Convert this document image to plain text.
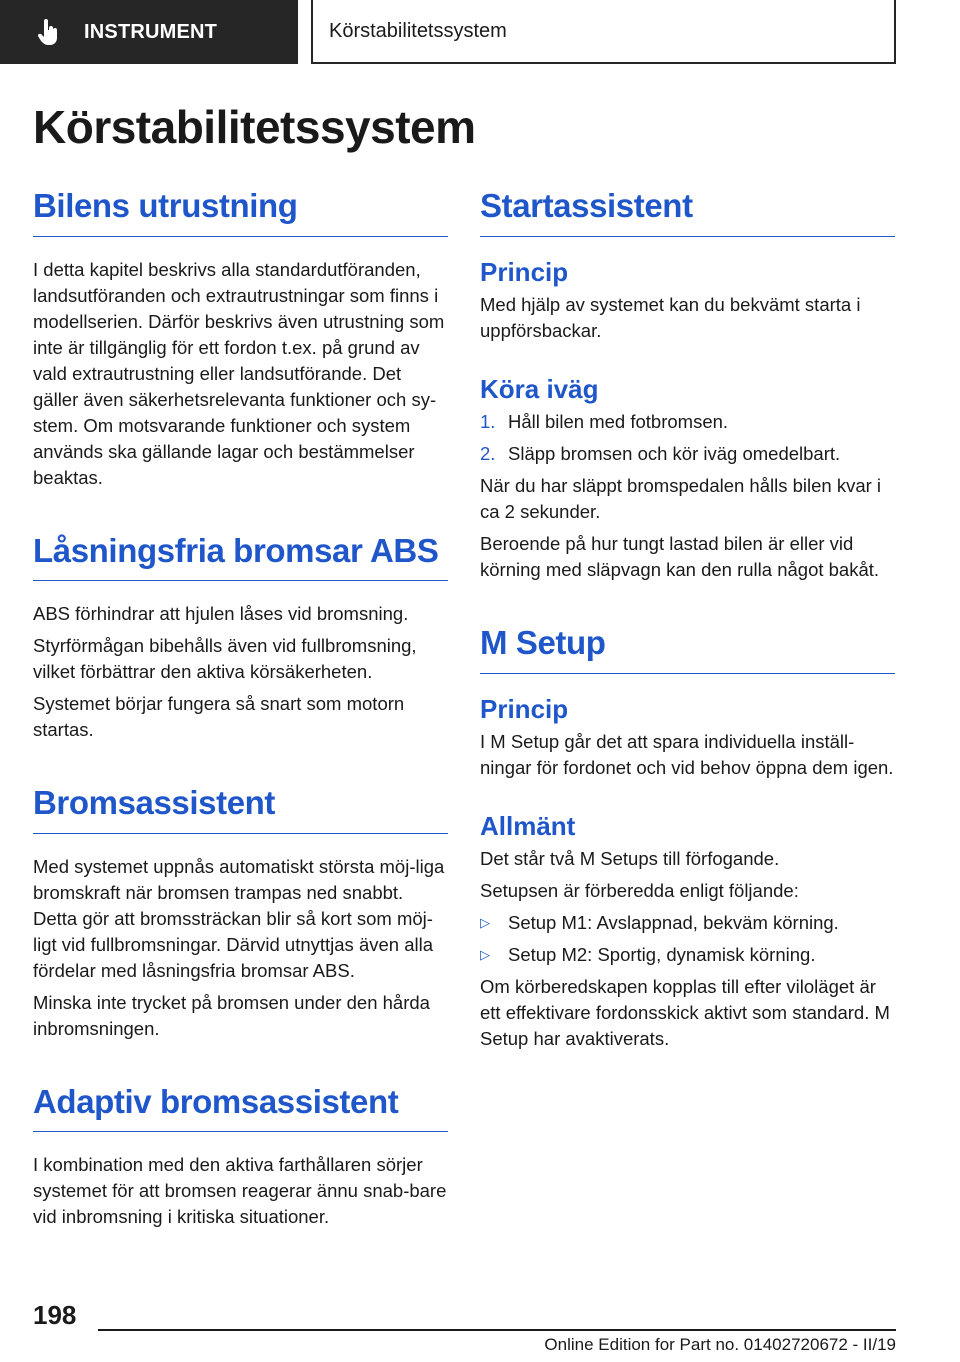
INSTRUMENT	Körstabilitetssystem
Körstabilitetssystem
Bilens utrustning

I detta kapitel beskrivs alla standardutföranden, landsutföranden och extrautrustningar som finns i modellserien. Därför beskrivs även utrustning som inte är tillgänglig för ett fordon t.ex. på grund av vald extrautrustning eller landsutförande. Det gäller även säkerhetsrelevanta funktioner och sy-stem. Om motsvarande funktioner och system används ska gällande lagar och bestämmelser beaktas.

Låsningsfria bromsar ABS

ABS förhindrar att hjulen låses vid bromsning.

Styrförmågan bibehålls även vid fullbromsning, vilket förbättrar den aktiva körsäkerheten.

Systemet börjar fungera så snart som motorn startas.

Bromsassistent

Med systemet uppnås automatiskt största möj-liga bromskraft när bromsen trampas ned snabbt. Detta gör att bromssträckan blir så kort som möj-ligt vid fullbromsningar. Därvid utnyttjas även alla fördelar med låsningsfria bromsar ABS.

Minska inte trycket på bromsen under den hårda inbromsningen.

Adaptiv bromsassistent

I kombination med den aktiva farthållaren sörjer systemet för att bromsen reagerar ännu snab-bare vid inbromsning i kritiska situationer.

Startassistent
Princip

Med hjälp av systemet kan du bekvämt starta i uppförsbackar.

Köra iväg
1. Håll bilen med fotbromsen.
2. Släpp bromsen och kör iväg omedelbart.

När du har släppt bromspedalen hålls bilen kvar i ca 2 sekunder.

Beroende på hur tungt lastad bilen är eller vid körning med släpvagn kan den rulla något bakåt.

M Setup
Princip

I M Setup går det att spara individuella inställ-ningar för fordonet och vid behov öppna dem igen.

Allmänt

Det står två M Setups till förfogande.

Setupsen är förberedda enligt följande:

▷ Setup M1: Avslappnad, bekväm körning.
▷ Setup M2: Sportig, dynamisk körning.

Om körberedskapen kopplas till efter viloläget är ett effektivare fordonsskick aktivt som standard. M Setup har avaktiverats.

198
Online Edition for Part no. 01402720672 - II/19
